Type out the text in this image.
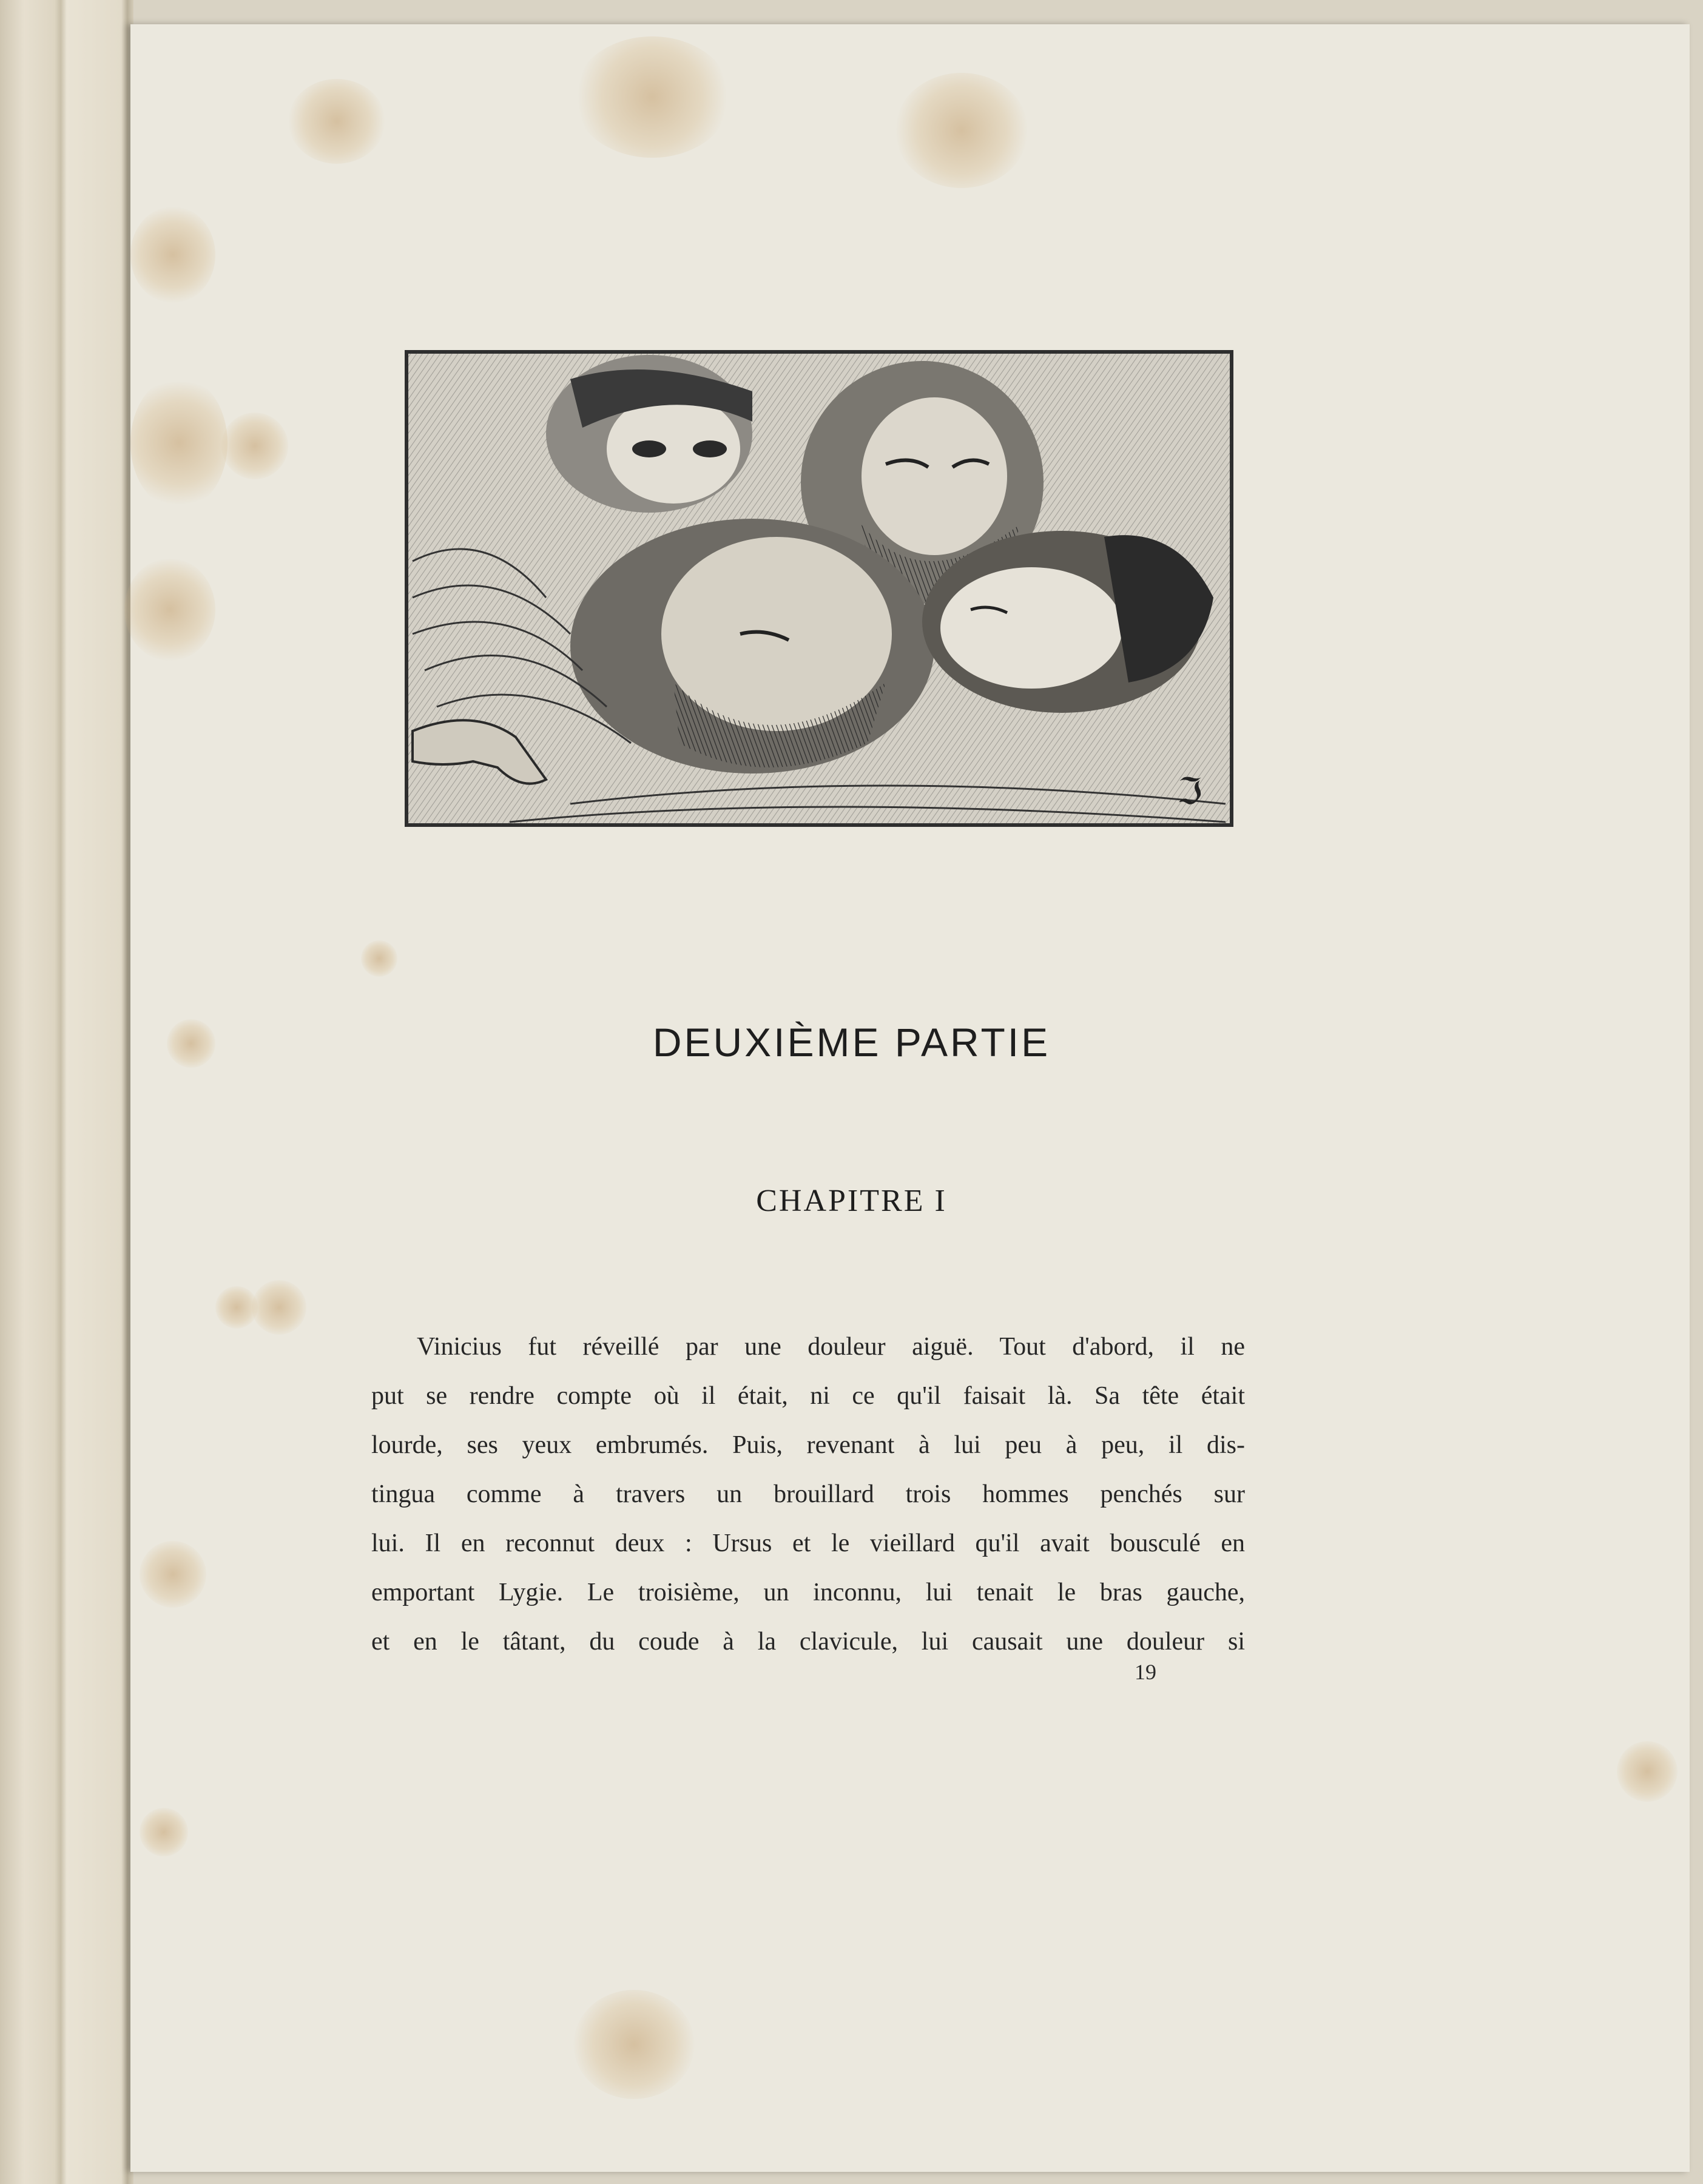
ℑ
DEUXIÈME PARTIE
CHAPITRE I
Vinicius fut réveillé par une douleur aiguë. Tout d'abord, il ne
put se rendre compte où il était, ni ce qu'il faisait là. Sa tête était
lourde, ses yeux embrumés. Puis, revenant à lui peu à peu, il dis-
tingua comme à travers un brouillard trois hommes penchés sur
lui. Il en reconnut deux : Ursus et le vieillard qu'il avait bousculé en
emportant Lygie. Le troisième, un inconnu, lui tenait le bras gauche,
et en le tâtant, du coude à la clavicule, lui causait une douleur si
19
